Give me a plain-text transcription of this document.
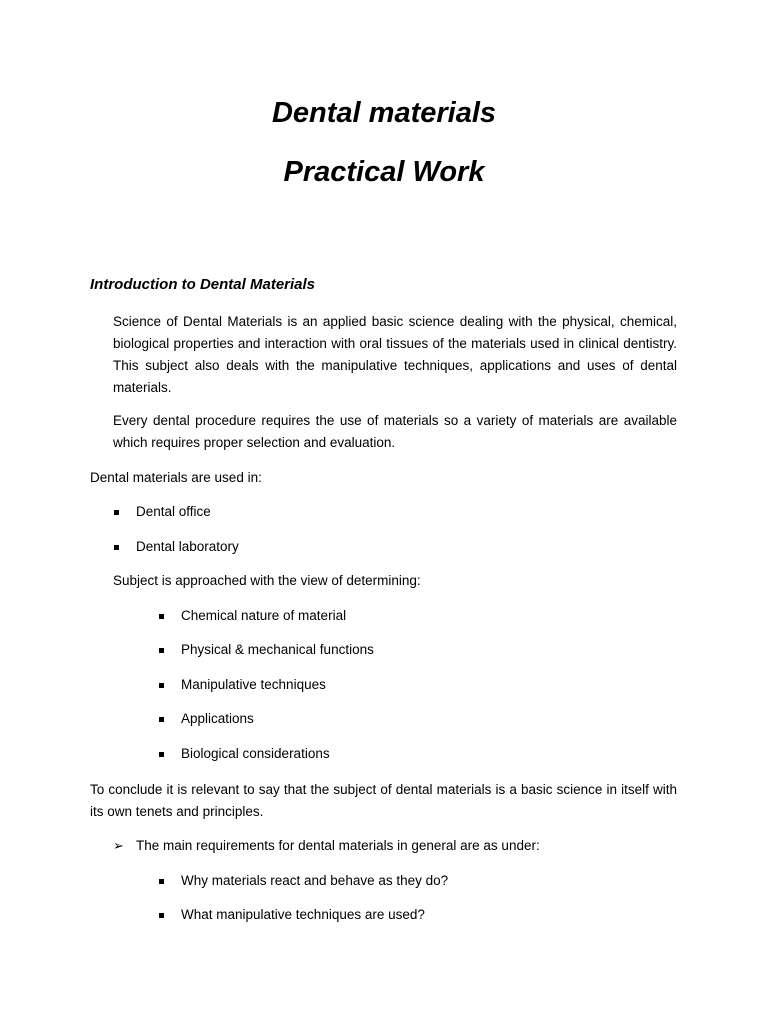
Dental materials
Practical Work
Introduction to Dental Materials

Science of Dental Materials is an applied basic science dealing with the physical, chemical, biological properties and interaction with oral tissues of the materials used in clinical dentistry. This subject also deals with the manipulative techniques, applications and uses of dental materials.

Every dental procedure requires the use of materials so a variety of materials are available which requires proper selection and evaluation.

Dental materials are used in:

Dental office
Dental laboratory

Subject is approached with the view of determining:

Chemical nature of material
Physical & mechanical functions
Manipulative techniques
Applications
Biological considerations

To conclude it is relevant to say that the subject of dental materials is a basic science in itself with its own tenets and principles.

➢ The main requirements for dental materials in general are as under:
Why materials react and behave as they do?
What manipulative techniques are used?
